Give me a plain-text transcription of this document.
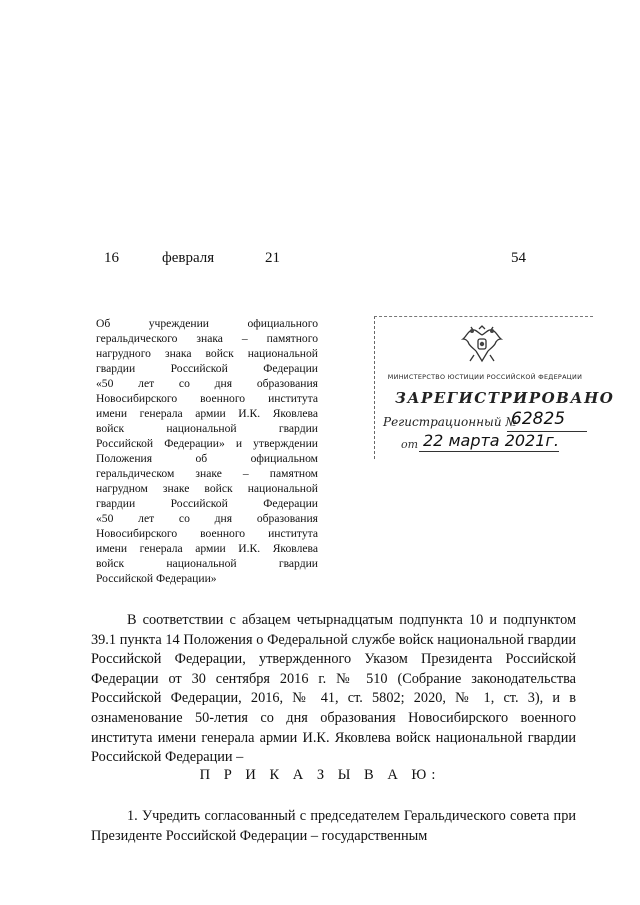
16	февраля	21	54
Об учреждении официального
геральдического знака – памятного
нагрудного знака войск национальной
гвардии Российской Федерации
«50 лет со дня образования
Новосибирского военного института
имени генерала армии И.К. Яковлева
войск национальной гвардии
Российской Федерации» и утверждении
Положения об официальном
геральдическом знаке – памятном
нагрудном знаке войск национальной
гвардии Российской Федерации
«50 лет со дня образования
Новосибирского военного института
имени генерала армии И.К. Яковлева
войск национальной гвардии
Российской Федерации»
МИНИСТЕРСТВО ЮСТИЦИИ РОССИЙСКОЙ ФЕДЕРАЦИИ
ЗАРЕГИСТРИРОВАНО
Регистрационный №
62825
от 22 марта 2021г.

В соответствии с абзацем четырнадцатым подпункта 10 и подпунктом 39.1 пункта 14 Положения о Федеральной службе войск национальной гвардии Российской Федерации, утвержденного Указом Президента Российской Федерации от 30 сентября 2016 г. № 510 (Собрание законодательства Российской Федерации, 2016, № 41, ст. 5802; 2020, № 1, ст. 3), и в ознаменование 50-летия со дня образования Новосибирского военного института имени генерала армии И.К. Яковлева войск национальной гвардии Российской Федерации –

П Р И К А З Ы В А Ю:

1. Учредить согласованный с председателем Геральдического совета при Президенте Российской Федерации – государственным
